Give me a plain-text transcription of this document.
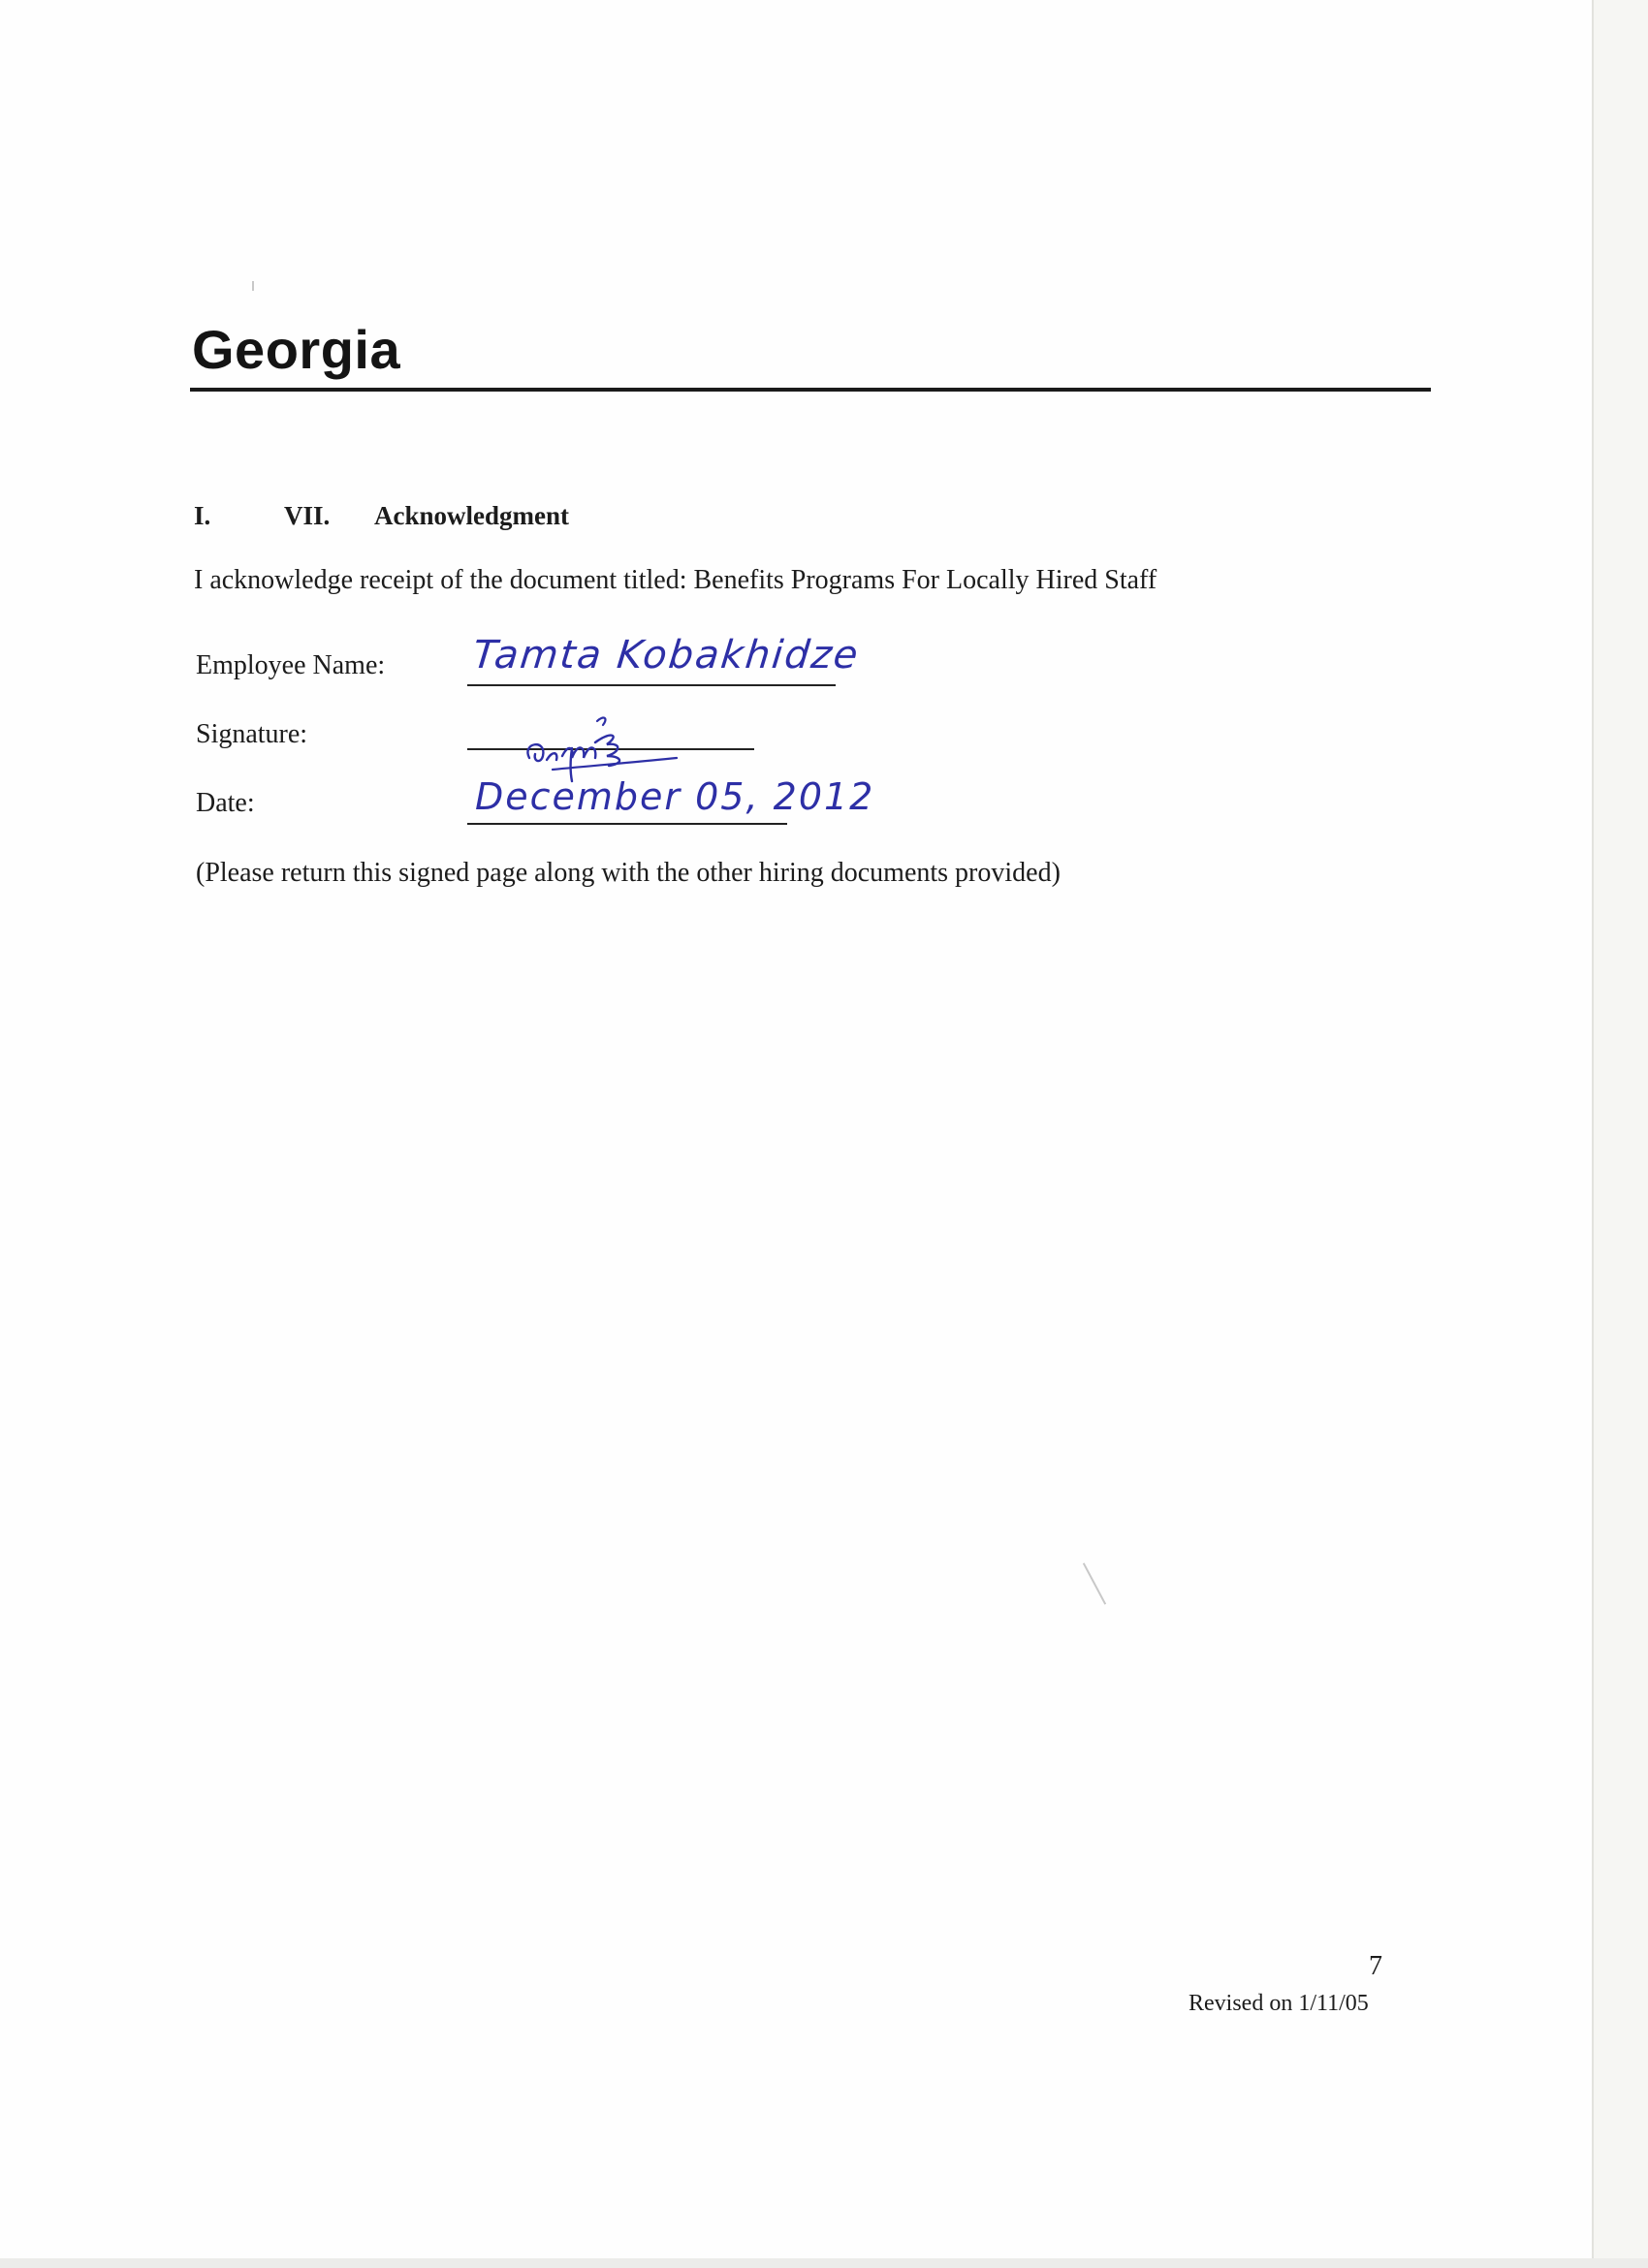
Georgia
I.	VII. Acknowledgment
I acknowledge receipt of the document titled: Benefits Programs For Locally Hired Staff
Employee Name: Tamta Kobakhidze
Signature:
Date:	December 05, 2012
(Please return this signed page along with the other hiring documents provided)
7
Revised on 1/11/05
